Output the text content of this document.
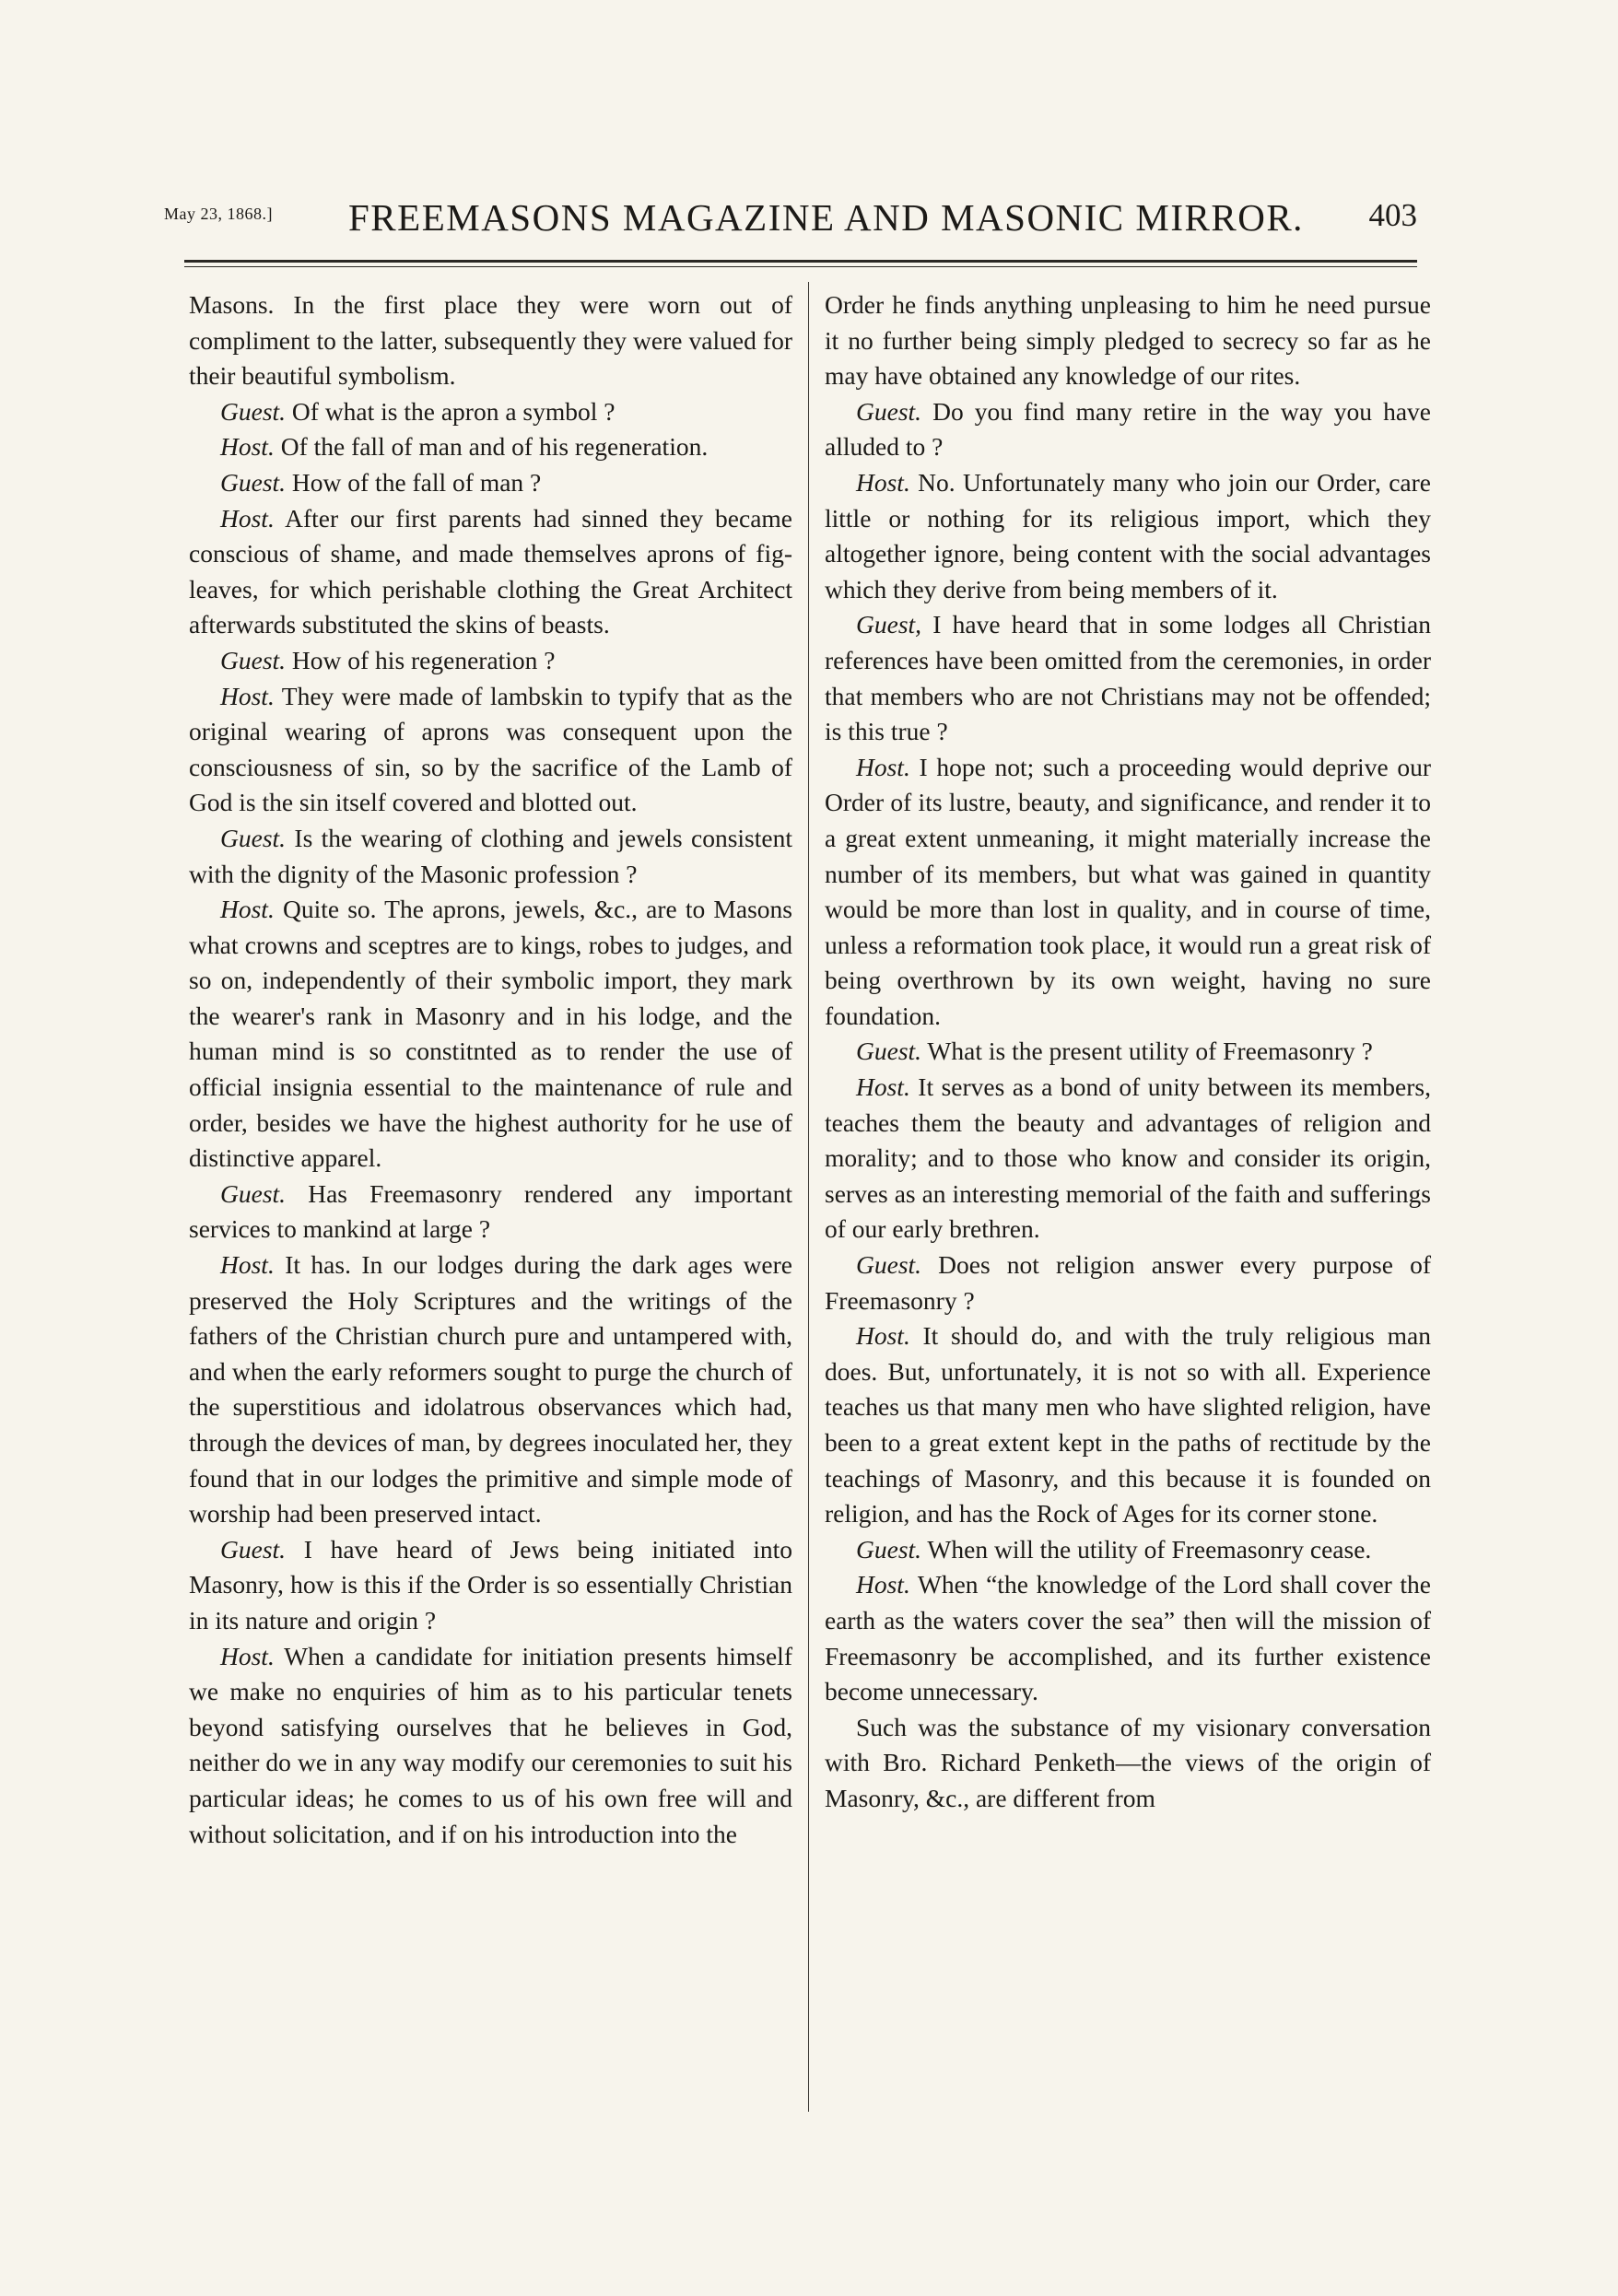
May 23, 1868.] FREEMASONS MAGAZINE AND MASONIC MIRROR. 403

Masons. In the first place they were worn out of compliment to the latter, subsequently they were valued for their beautiful symbolism.

Guest. Of what is the apron a symbol ?

Host. Of the fall of man and of his regeneration.

Guest. How of the fall of man ?

Host. After our first parents had sinned they became conscious of shame, and made themselves aprons of fig-leaves, for which perishable clothing the Great Architect afterwards substituted the skins of beasts.

Guest. How of his regeneration ?

Host. They were made of lambskin to typify that as the original wearing of aprons was consequent upon the consciousness of sin, so by the sacrifice of the Lamb of God is the sin itself covered and blotted out.

Guest. Is the wearing of clothing and jewels consistent with the dignity of the Masonic profession ?

Host. Quite so. The aprons, jewels, &c., are to Masons what crowns and sceptres are to kings, robes to judges, and so on, independently of their symbolic import, they mark the wearer's rank in Masonry and in his lodge, and the human mind is so constitnted as to render the use of official insignia essential to the maintenance of rule and order, besides we have the highest authority for he use of distinctive apparel.

Guest. Has Freemasonry rendered any important services to mankind at large ?

Host. It has. In our lodges during the dark ages were preserved the Holy Scriptures and the writings of the fathers of the Christian church pure and untampered with, and when the early reformers sought to purge the church of the superstitious and idolatrous observances which had, through the devices of man, by degrees inoculated her, they found that in our lodges the primitive and simple mode of worship had been preserved intact.

Guest. I have heard of Jews being initiated into Masonry, how is this if the Order is so essentially Christian in its nature and origin ?

Host. When a candidate for initiation presents himself we make no enquiries of him as to his particular tenets beyond satisfying ourselves that he believes in God, neither do we in any way modify our ceremonies to suit his particular ideas; he comes to us of his own free will and without solicitation, and if on his introduction into the

Order he finds anything unpleasing to him he need pursue it no further being simply pledged to secrecy so far as he may have obtained any knowledge of our rites.

Guest. Do you find many retire in the way you have alluded to ?

Host. No. Unfortunately many who join our Order, care little or nothing for its religious import, which they altogether ignore, being content with the social advantages which they derive from being members of it.

Guest, I have heard that in some lodges all Christian references have been omitted from the ceremonies, in order that members who are not Christians may not be offended; is this true ?

Host. I hope not; such a proceeding would deprive our Order of its lustre, beauty, and significance, and render it to a great extent unmeaning, it might materially increase the number of its members, but what was gained in quantity would be more than lost in quality, and in course of time, unless a reformation took place, it would run a great risk of being overthrown by its own weight, having no sure foundation.

Guest. What is the present utility of Freemasonry ?

Host. It serves as a bond of unity between its members, teaches them the beauty and advantages of religion and morality; and to those who know and consider its origin, serves as an interesting memorial of the faith and sufferings of our early brethren.

Guest. Does not religion answer every purpose of Freemasonry ?

Host. It should do, and with the truly religious man does. But, unfortunately, it is not so with all. Experience teaches us that many men who have slighted religion, have been to a great extent kept in the paths of rectitude by the teachings of Masonry, and this because it is founded on religion, and has the Rock of Ages for its corner stone.

Guest. When will the utility of Freemasonry cease.

Host. When “the knowledge of the Lord shall cover the earth as the waters cover the sea” then will the mission of Freemasonry be accomplished, and its further existence become unnecessary.

Such was the substance of my visionary conversation with Bro. Richard Penketh—the views of the origin of Masonry, &c., are different from
